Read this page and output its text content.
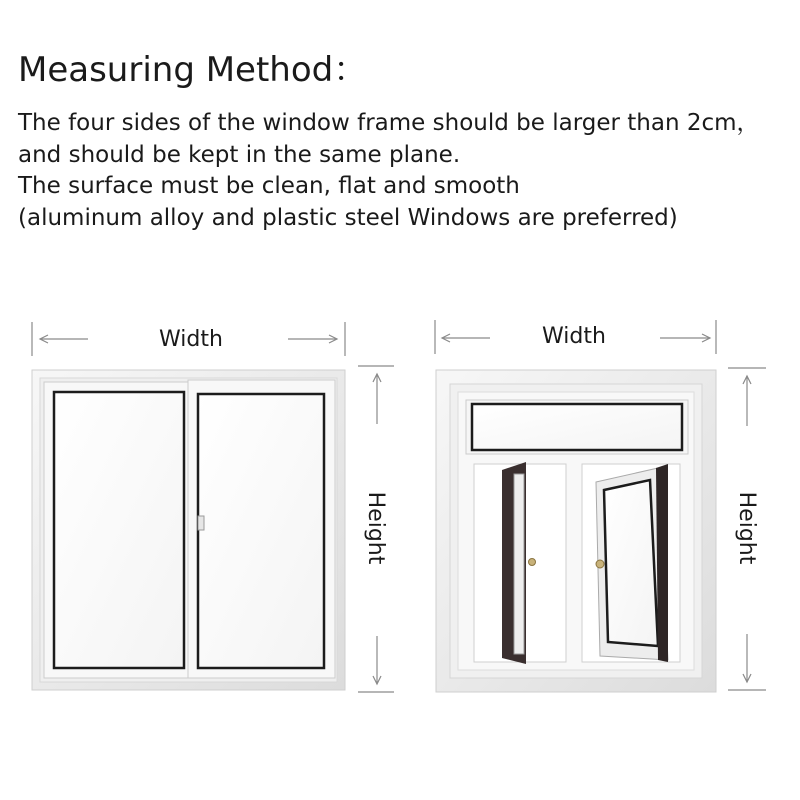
Measuring Method：
The four sides of the window frame should be larger than 2cm，
and should be kept in the same plane.
The surface must be clean, flat and smooth
(aluminum alloy and plastic steel Windows are preferred)
Width
Height
Width
Height
